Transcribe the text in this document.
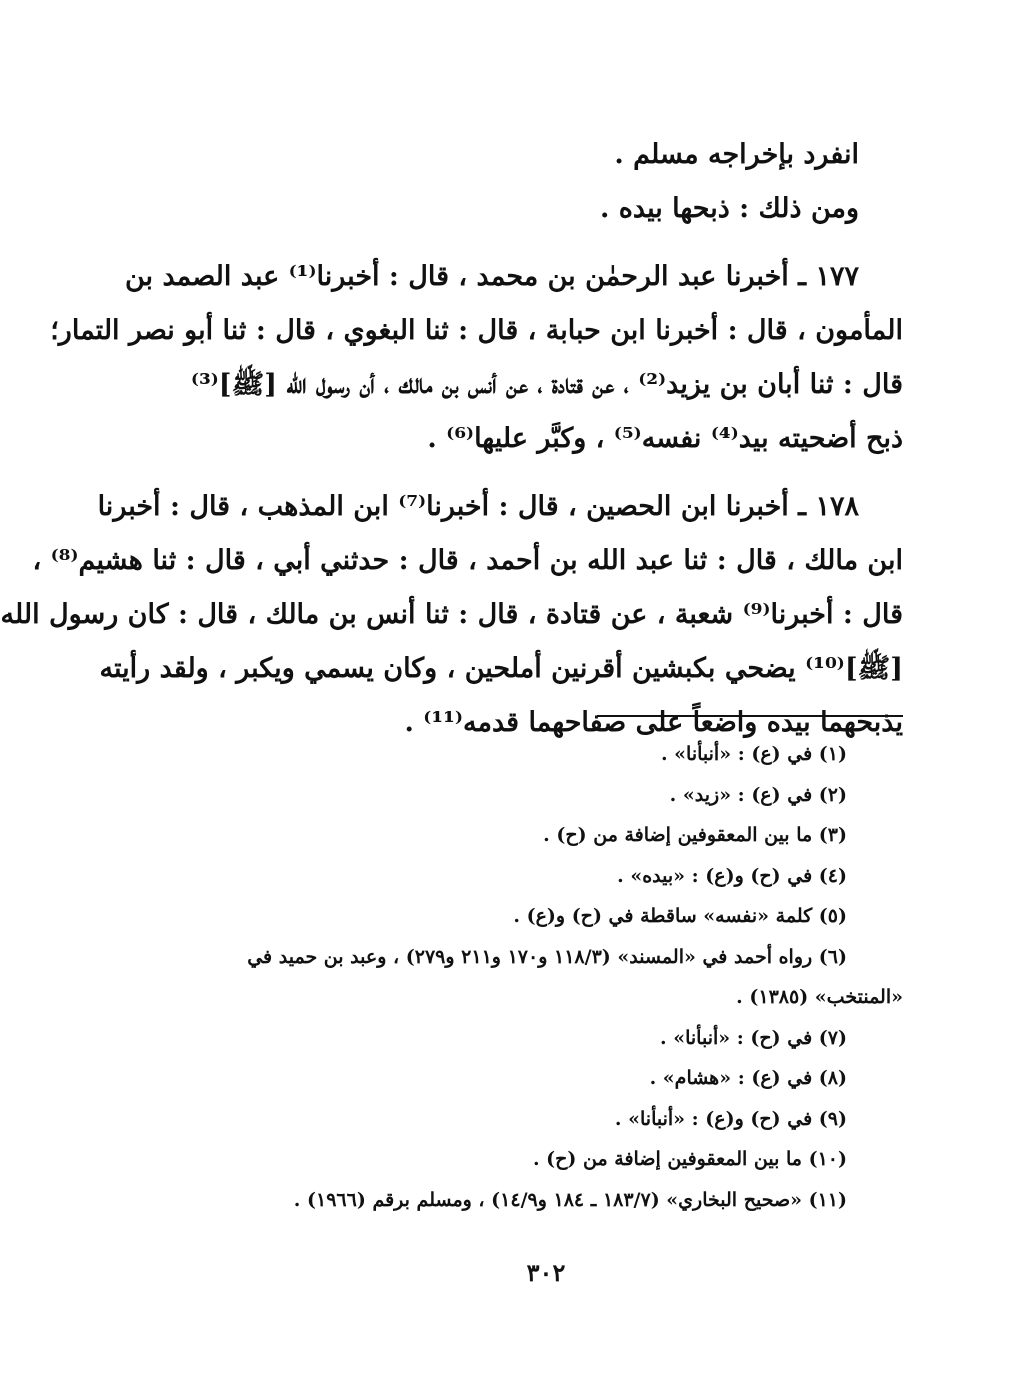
انفرد بإخراجه مسلم .
ومن ذلك : ذبحها بيده .
١٧٧ ـ أخبرنا عبد الرحمٰن بن محمد ، قال : أخبرنا⁽¹⁾ عبد الصمد بن
المأمون ، قال : أخبرنا ابن حبابة ، قال : ثنا البغوي ، قال : ثنا أبو نصر التمار؛
قال : ثنا أبان بن يزيد⁽²⁾ ، عن قتادة ، عن أنس بن مالك ، أن رسول الله [ﷺ]⁽³⁾
ذبح أضحيته بيد⁽⁴⁾ نفسه⁽⁵⁾ ، وكبَّر عليها⁽⁶⁾ .
١٧٨ ـ أخبرنا ابن الحصين ، قال : أخبرنا⁽⁷⁾ ابن المذهب ، قال : أخبرنا
ابن مالك ، قال : ثنا عبد الله بن أحمد ، قال : حدثني أبي ، قال : ثنا هشيم⁽⁸⁾ ،
قال : أخبرنا⁽⁹⁾ شعبة ، عن قتادة ، قال : ثنا أنس بن مالك ، قال : كان رسول الله
[ﷺ]⁽¹⁰⁾ يضحي بكبشين أقرنين أملحين ، وكان يسمي ويكبر ، ولقد رأيته
يذبحهما بيده واضعاً على صفاحهما قدمه⁽¹¹⁾ .
(١) في (ع) : «أنبأنا» .
(٢) في (ع) : «زيد» .
(٣) ما بين المعقوفين إضافة من (ح) .
(٤) في (ح) و(ع) : «بيده» .
(٥) كلمة «نفسه» ساقطة في (ح) و(ع) .
(٦) رواه أحمد في «المسند» (١١٨/٣ و١٧٠ و٢١١ و٢٧٩) ، وعبد بن حميد في
«المنتخب» (١٣٨٥) .
(٧) في (ح) : «أنبأنا» .
(٨) في (ع) : «هشام» .
(٩) في (ح) و(ع) : «أنبأنا» .
(١٠) ما بين المعقوفين إضافة من (ح) .
(١١) «صحيح البخاري» (١٨٣/٧ ـ ١٨٤ و١٤/٩) ، ومسلم برقم (١٩٦٦) .
٣٠٢
